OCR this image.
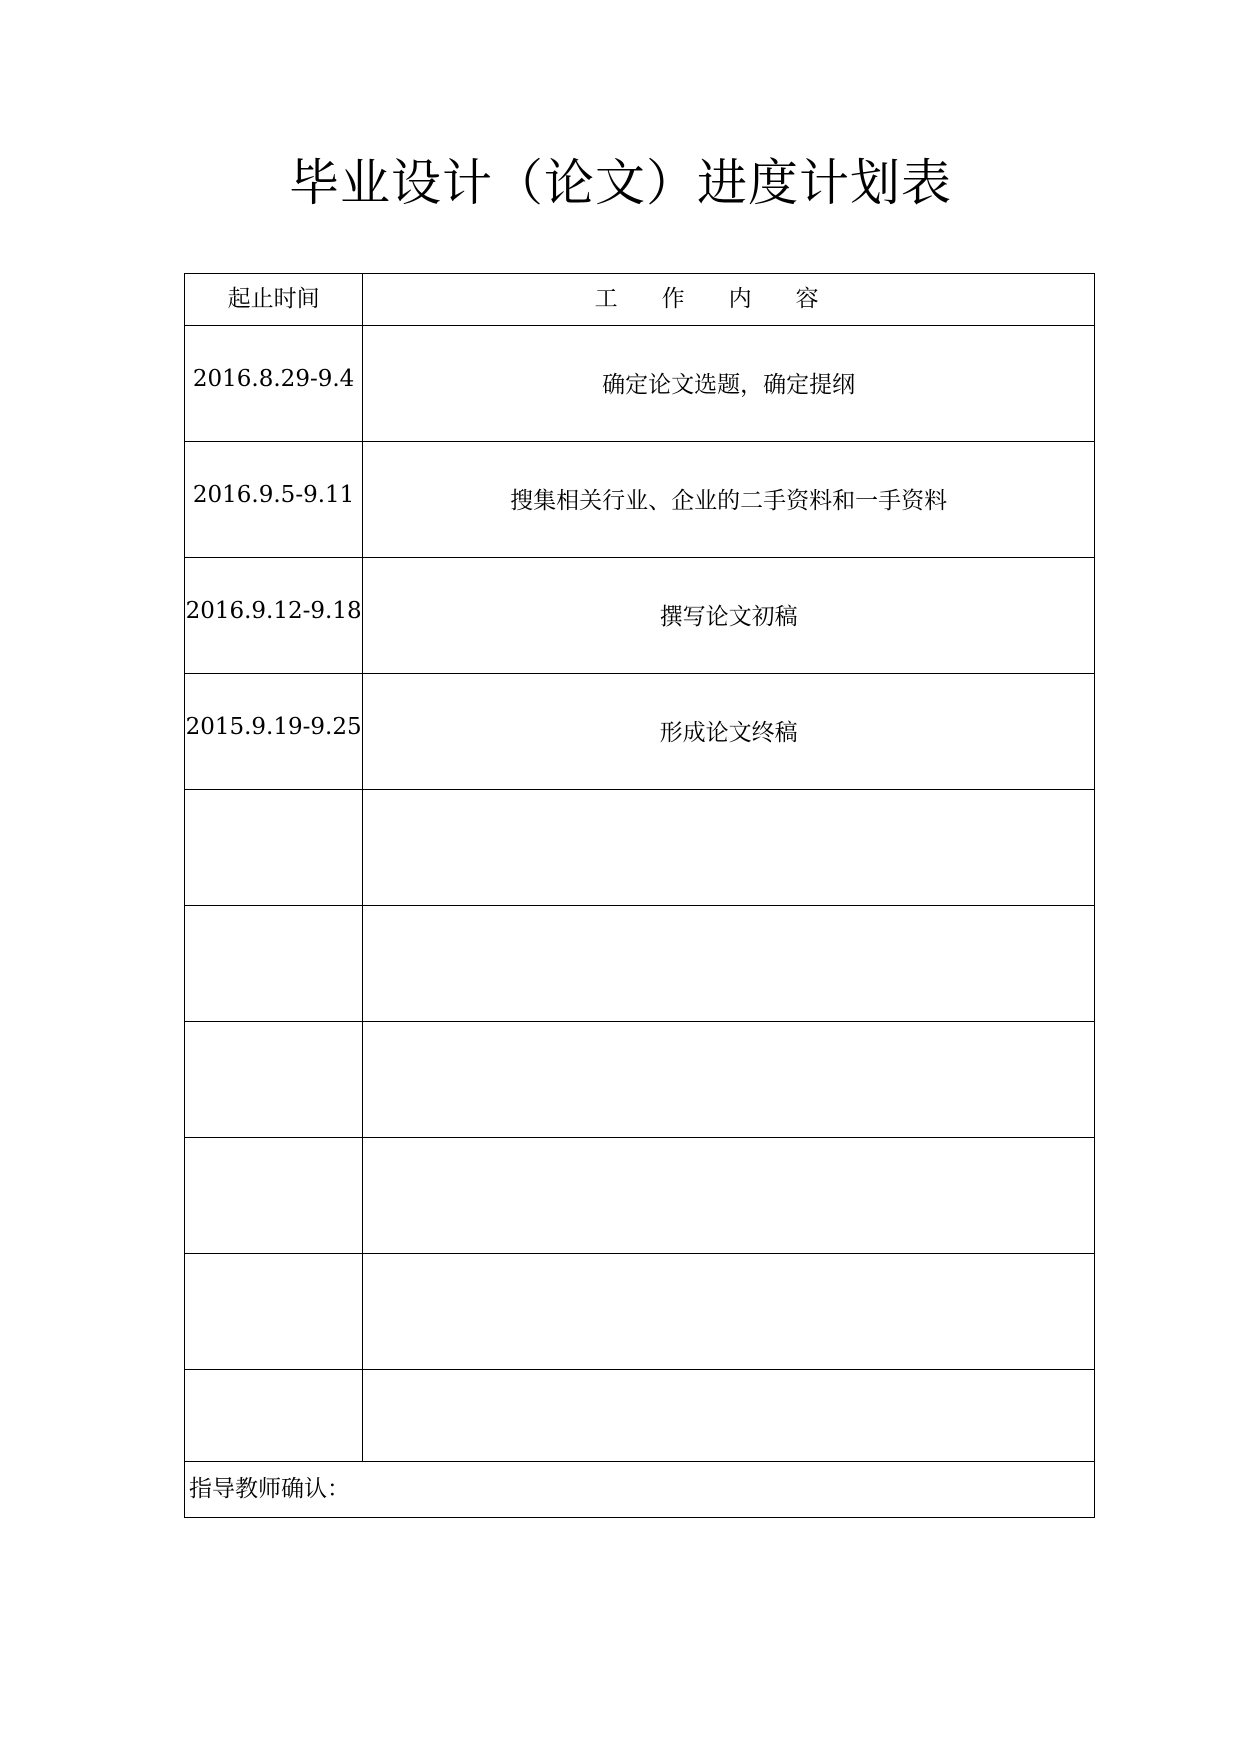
毕业设计（论文）进度计划表
起止时间	工作内容
2016.8.29-9.4	确定论文选题，确定提纲
2016.9.5-9.11	搜集相关行业、企业的二手资料和一手资料
2016.9.12-9.18	撰写论文初稿
2015.9.19-9.25	形成论文终稿

指导教师确认：	
